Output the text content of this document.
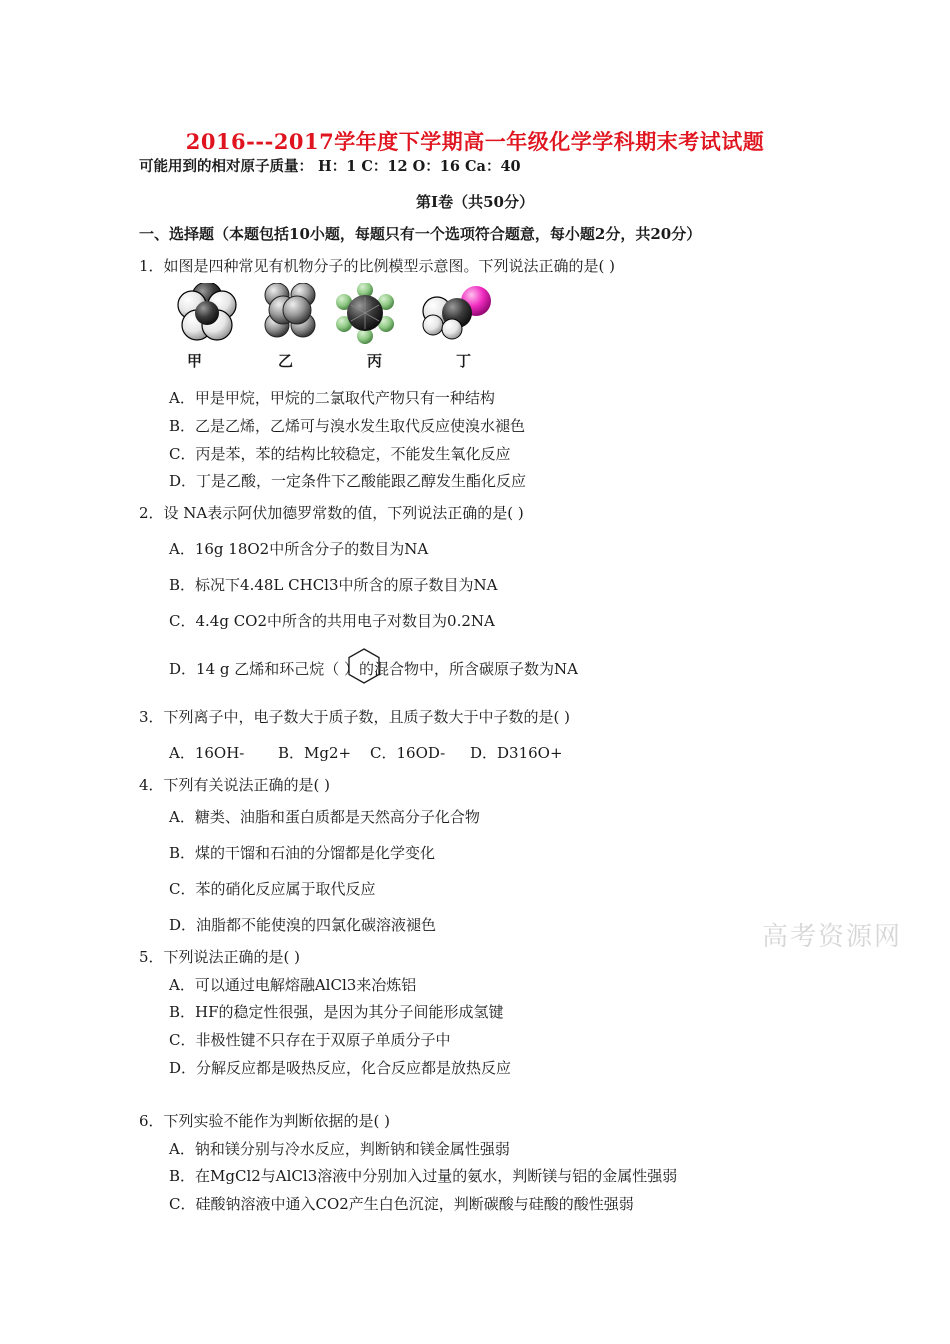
2016---2017学年度下学期高一年级化学学科期末考试试题
可能用到的相对原子质量： H：1 C：12 O：16 Ca：40
第Ⅰ卷（共50分）
一、选择题（本题包括10小题，每题只有一个选项符合题意，每小题2分，共20分）
1．如图是四种常见有机物分子的比例模型示意图。下列说法正确的是( )
甲	乙	丙	丁
A．甲是甲烷，甲烷的二氯取代产物只有一种结构
B．乙是乙烯，乙烯可与溴水发生取代反应使溴水褪色
C．丙是苯，苯的结构比较稳定，不能发生氧化反应
D．丁是乙酸，一定条件下乙酸能跟乙醇发生酯化反应
2．设 NA表示阿伏加德罗常数的值，下列说法正确的是( )
A．16g 18O2中所含分子的数目为NA
B．标况下4.48L CHCl3中所含的原子数目为NA
C．4.4g CO2中所含的共用电子对数目为0.2NA
D．14 g 乙烯和环己烷（ ）的混合物中，所含碳原子数为NA
3．下列离子中，电子数大于质子数，且质子数大于中子数的是( )
A．16OH- B．Mg2+ C．16OD- D．D316O+
4．下列有关说法正确的是( )
A．糖类、油脂和蛋白质都是天然高分子化合物
B．煤的干馏和石油的分馏都是化学变化
C．苯的硝化反应属于取代反应
D．油脂都不能使溴的四氯化碳溶液褪色	高考资源网
5．下列说法正确的是( )
A．可以通过电解熔融AlCl3来冶炼铝
B．HF的稳定性很强，是因为其分子间能形成氢键
C．非极性键不只存在于双原子单质分子中
D．分解反应都是吸热反应，化合反应都是放热反应
6．下列实验不能作为判断依据的是( )
A．钠和镁分别与冷水反应，判断钠和镁金属性强弱
B．在MgCl2与AlCl3溶液中分别加入过量的氨水，判断镁与铝的金属性强弱
C．硅酸钠溶液中通入CO2产生白色沉淀，判断碳酸与硅酸的酸性强弱
